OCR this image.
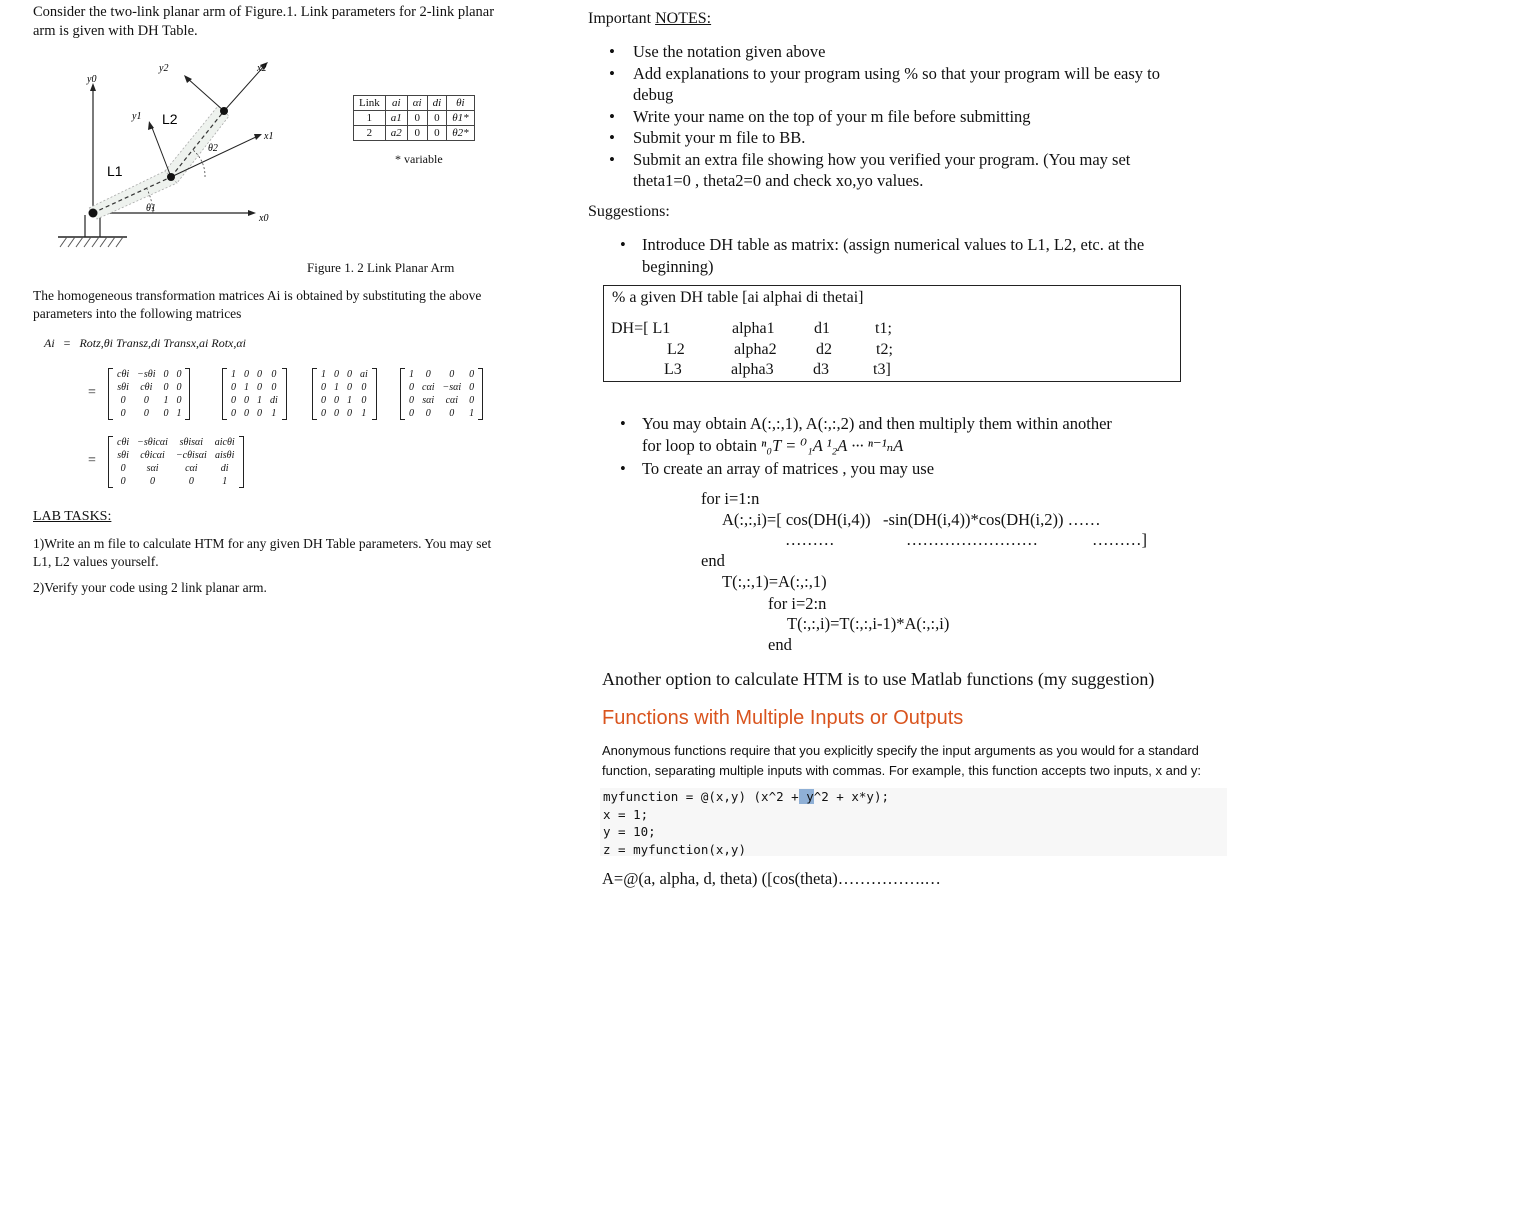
Consider the two-link planar arm of Figure.1. Link parameters for 2-link planar arm is given with DH Table.
y0
y2	x2
y1 L2
x1
θ2
L1
θ1
x0
Link	ai	αi	di	θi
1	a1	0	0	θ1*
2	a2	0	0	θ2*
* variable
Figure 1. 2 Link Planar Arm
The homogeneous transformation matrices Ai is obtained by substituting the above parameters into the following matrices
Ai = Rotz,θi Transz,di Transx,ai Rotx,αi
=
cθi	−sθi	0	0
sθi	cθi	0	0
0	0	1	0
0	0	0	1
1	0	0	0
0	1	0	0
0	0	1	di
0	0	0	1
1	0	0	ai
0	1	0	0
0	0	1	0
0	0	0	1
1	0	0	0
0	cαi	−sαi	0
0	sαi	cαi	0
0	0	0	1
=
cθi	−sθicαi	sθisαi	aicθi
sθi	cθicαi	−cθisαi	aisθi
0	sαi	cαi	di
0	0	0	1
LAB TASKS:
1)Write an m file to calculate HTM for any given DH Table parameters. You may set L1, L2 values yourself.
2)Verify your code using 2 link planar arm.
Important NOTES:
• Use the notation given above
• Add explanations to your program using % so that your program will be easy to debug
• Write your name on the top of your m file before submitting
• Submit your m file to BB.
• Submit an extra file showing how you verified your program. (You may set theta1=0 , theta2=0 and check xo,yo values.
Suggestions:
• Introduce DH table as matrix: (assign numerical values to L1, L2, etc. at the beginning)
% a given DH table [ai alphai di thetai]
DH=[ L1	alpha1 d1	t1;
L2	alpha2 d2	t2;
L3	alpha3 d3	t3]
• You may obtain A(:,:,1), A(:,:,2) and then multiply them within another
for loop to obtain ⁿ₀T = ⁰₁A ¹₂A ··· ⁿ⁻¹ₙA
• To create an array of matrices , you may use
for i=1:n
A(:,:,i)=[ cos(DH(i,4))   -sin(DH(i,4))*cos(DH(i,2)) ……
………	……………………	………]
end
T(:,:,1)=A(:,:,1)
for i=2:n
T(:,:,i)=T(:,:,i-1)*A(:,:,i)
end
Another option to calculate HTM is to use Matlab functions (my suggestion)
Functions with Multiple Inputs or Outputs
Anonymous functions require that you explicitly specify the input arguments as you would for a standard function, separating multiple inputs with commas. For example, this function accepts two inputs, x and y:
myfunction = @(x,y) (x^2 + y^2 + x*y);
x = 1;
y = 10;
z = myfunction(x,y)
A=@(a, alpha, d, theta) ([cos(theta)…………….…
